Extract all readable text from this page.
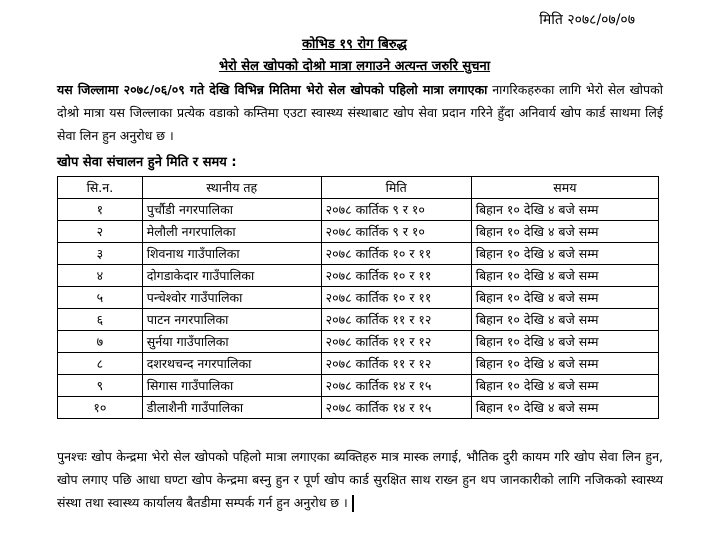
मिति २०७८/०७/०७
कोभिड १९ रोग बिरुद्ध
भेरो सेल खोपको दोश्रो मात्रा लगाउने अत्यन्त जरुरि सुचना
यस जिल्लामा २०७८/०६/०९ गते देखि विभिन्न मितिमा भेरो सेल खोपको पहिलो मात्रा लगाएका नागरिकहरुका लागि भेरो सेल खोपको दोश्रो मात्रा यस जिल्लाका प्रत्येक वडाको कम्तिमा एउटा स्वास्थ्य संस्थाबाट खोप सेवा प्रदान गरिने हुँदा अनिवार्य खोप कार्ड साथमा लिई सेवा लिन हुन अनुरोध छ ।
खोप सेवा संचालन हुने मिति र समय :
सि.न.	स्थानीय तह	मिति	समय
१	पुर्चौडी नगरपालिका	२०७८ कार्तिक ९ र १०	बिहान १० देखि ४ बजे सम्म
२	मेलौली नगरपालिका	२०७८ कार्तिक ९ र १०	बिहान १० देखि ४ बजे सम्म
३	शिवनाथ गाउँपालिका	२०७८ कार्तिक १० र ११	बिहान १० देखि ४ बजे सम्म
४	दोगडाकेदार गाउँपालिका	२०७८ कार्तिक १० र ११	बिहान १० देखि ४ बजे सम्म
५	पन्चेश्वोर गाउँपालिका	२०७८ कार्तिक १० र ११	बिहान १० देखि ४ बजे सम्म
६	पाटन नगरपालिका	२०७८ कार्तिक ११ र १२	बिहान १० देखि ४ बजे सम्म
७	सुर्नया गाउँपालिका	२०७८ कार्तिक ११ र १२	बिहान १० देखि ४ बजे सम्म
८	दशरथचन्द नगरपालिका	२०७८ कार्तिक ११ र १२	बिहान १० देखि ४ बजे सम्म
९	सिगास गाउँपालिका	२०७८ कार्तिक १४ र १५	बिहान १० देखि ४ बजे सम्म
१०	डीलाशैनी गाउँपालिका	२०७८ कार्तिक १४ र १५	बिहान १० देखि ४ बजे सम्म
पुनश्चः खोप केन्द्रमा भेरो सेल खोपको पहिलो मात्रा लगाएका ब्यक्तिहरु मात्र मास्क लगाई, भौतिक दुरी कायम गरि खोप सेवा लिन हुन, खोप लगाए पछि आधा घण्टा खोप केन्द्रमा बस्नु हुन र पूर्ण खोप कार्ड सुरक्षित साथ राख्न हुन थप जानकारीको लागि नजिकको स्वास्थ्य संस्था तथा स्वास्थ्य कार्यालय बैतडीमा सम्पर्क गर्न हुन अनुरोध छ ।
